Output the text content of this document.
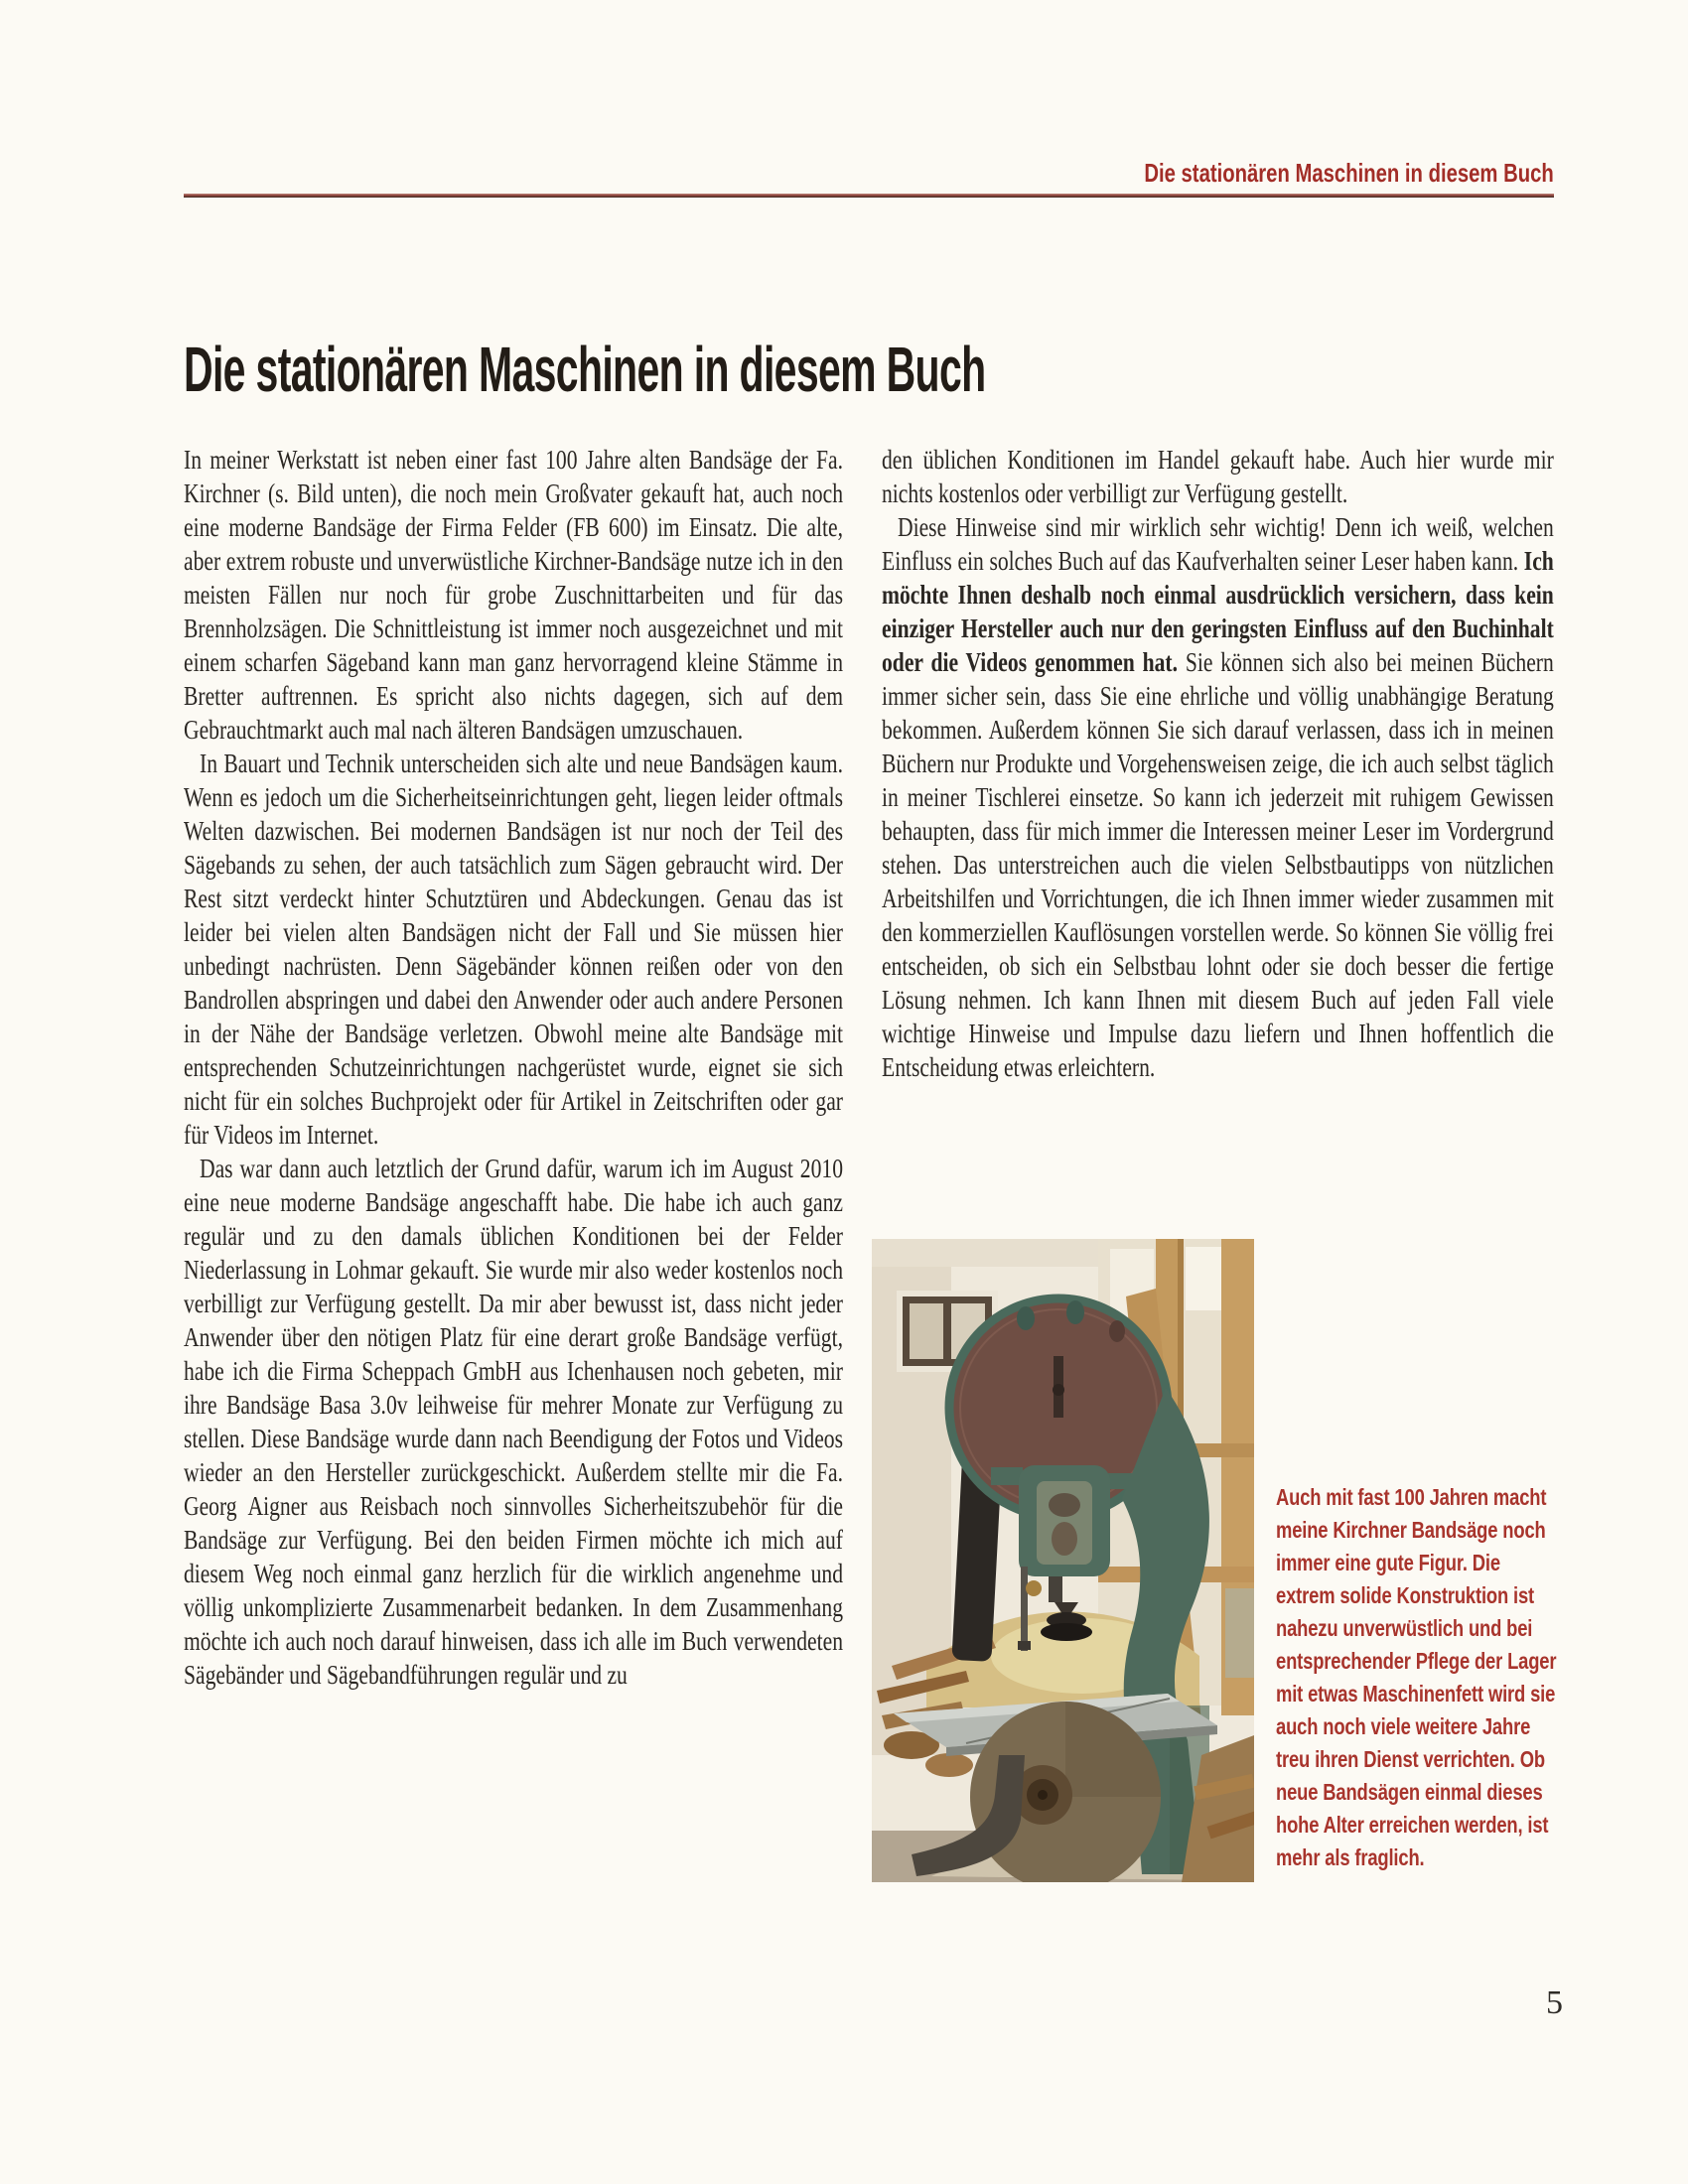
Die stationären Maschinen in diesem Buch
Die stationären Maschinen in diesem Buch

In meiner Werkstatt ist neben einer fast 100 Jahre alten Bandsäge der Fa. Kirchner (s. Bild unten), die noch mein Großvater gekauft hat, auch noch eine moderne Bandsäge der Firma Felder (FB 600) im Einsatz. Die alte, aber extrem robuste und unverwüstliche Kirchner-Bandsäge nutze ich in den meisten Fällen nur noch für grobe Zuschnittarbeiten und für das Brennholzsägen. Die Schnittleistung ist immer noch ausgezeichnet und mit einem scharfen Sägeband kann man ganz hervorragend kleine Stämme in Bretter auftrennen. Es spricht also nichts dagegen, sich auf dem Gebrauchtmarkt auch mal nach älteren Bandsägen umzuschauen.

In Bauart und Technik unterscheiden sich alte und neue Bandsägen kaum. Wenn es jedoch um die Sicherheitseinrichtungen geht, liegen leider oftmals Welten dazwischen. Bei modernen Bandsägen ist nur noch der Teil des Sägebands zu sehen, der auch tatsächlich zum Sägen gebraucht wird. Der Rest sitzt verdeckt hinter Schutztüren und Abdeckungen. Genau das ist leider bei vielen alten Bandsägen nicht der Fall und Sie müssen hier unbedingt nachrüsten. Denn Sägebänder können reißen oder von den Bandrollen abspringen und dabei den Anwender oder auch andere Personen in der Nähe der Bandsäge verletzen. Obwohl meine alte Bandsäge mit entsprechenden Schutzeinrichtungen nachgerüstet wurde, eignet sie sich nicht für ein solches Buchprojekt oder für Artikel in Zeitschriften oder gar für Videos im Internet.

Das war dann auch letztlich der Grund dafür, warum ich im August 2010 eine neue moderne Bandsäge angeschafft habe. Die habe ich auch ganz regulär und zu den damals üblichen Konditionen bei der Felder Niederlassung in Lohmar gekauft. Sie wurde mir also weder kostenlos noch verbilligt zur Verfügung gestellt. Da mir aber bewusst ist, dass nicht jeder Anwender über den nötigen Platz für eine derart große Bandsäge verfügt, habe ich die Firma Scheppach GmbH aus Ichenhausen noch gebeten, mir ihre Bandsäge Basa 3.0v leihweise für mehrer Monate zur Verfügung zu stellen. Diese Bandsäge wurde dann nach Beendigung der Fotos und Videos wieder an den Hersteller zurückgeschickt. Außerdem stellte mir die Fa. Georg Aigner aus Reisbach noch sinnvolles Sicherheitszubehör für die Bandsäge zur Verfügung. Bei den beiden Firmen möchte ich mich auf diesem Weg noch einmal ganz herzlich für die wirklich angenehme und völlig unkomplizierte Zusammenarbeit bedanken. In dem Zusammenhang möchte ich auch noch darauf hinweisen, dass ich alle im Buch verwendeten Sägebänder und Sägebandführungen regulär und zu

den üblichen Konditionen im Handel gekauft habe. Auch hier wurde mir nichts kostenlos oder verbilligt zur Verfügung gestellt.

Diese Hinweise sind mir wirklich sehr wichtig! Denn ich weiß, welchen Einfluss ein solches Buch auf das Kaufverhalten seiner Leser haben kann. Ich möchte Ihnen deshalb noch einmal ausdrücklich versichern, dass kein einziger Hersteller auch nur den geringsten Einfluss auf den Buchinhalt oder die Videos genommen hat. Sie können sich also bei meinen Büchern immer sicher sein, dass Sie eine ehrliche und völlig unabhängige Beratung bekommen. Außerdem können Sie sich darauf verlassen, dass ich in meinen Büchern nur Produkte und Vorgehensweisen zeige, die ich auch selbst täglich in meiner Tischlerei einsetze. So kann ich jederzeit mit ruhigem Gewissen behaupten, dass für mich immer die Interessen meiner Leser im Vordergrund stehen. Das unterstreichen auch die vielen Selbstbautipps von nützlichen Arbeitshilfen und Vorrichtungen, die ich Ihnen immer wieder zusammen mit den kommerziellen Kauflösungen vorstellen werde. So können Sie völlig frei entscheiden, ob sich ein Selbstbau lohnt oder sie doch besser die fertige Lösung nehmen. Ich kann Ihnen mit diesem Buch auf jeden Fall viele wichtige Hinweise und Impulse dazu liefern und Ihnen hoffentlich die Entscheidung etwas erleichtern.

Auch mit fast 100 Jahren macht meine Kirchner Bandsäge noch immer eine gute Figur. Die extrem solide Konstruktion ist nahezu unverwüstlich und bei entsprechender Pflege der Lager mit etwas Maschinenfett wird sie auch noch viele weitere Jahre treu ihren Dienst verrichten. Ob neue Bandsägen einmal dieses hohe Alter erreichen werden, ist mehr als fraglich.
5
